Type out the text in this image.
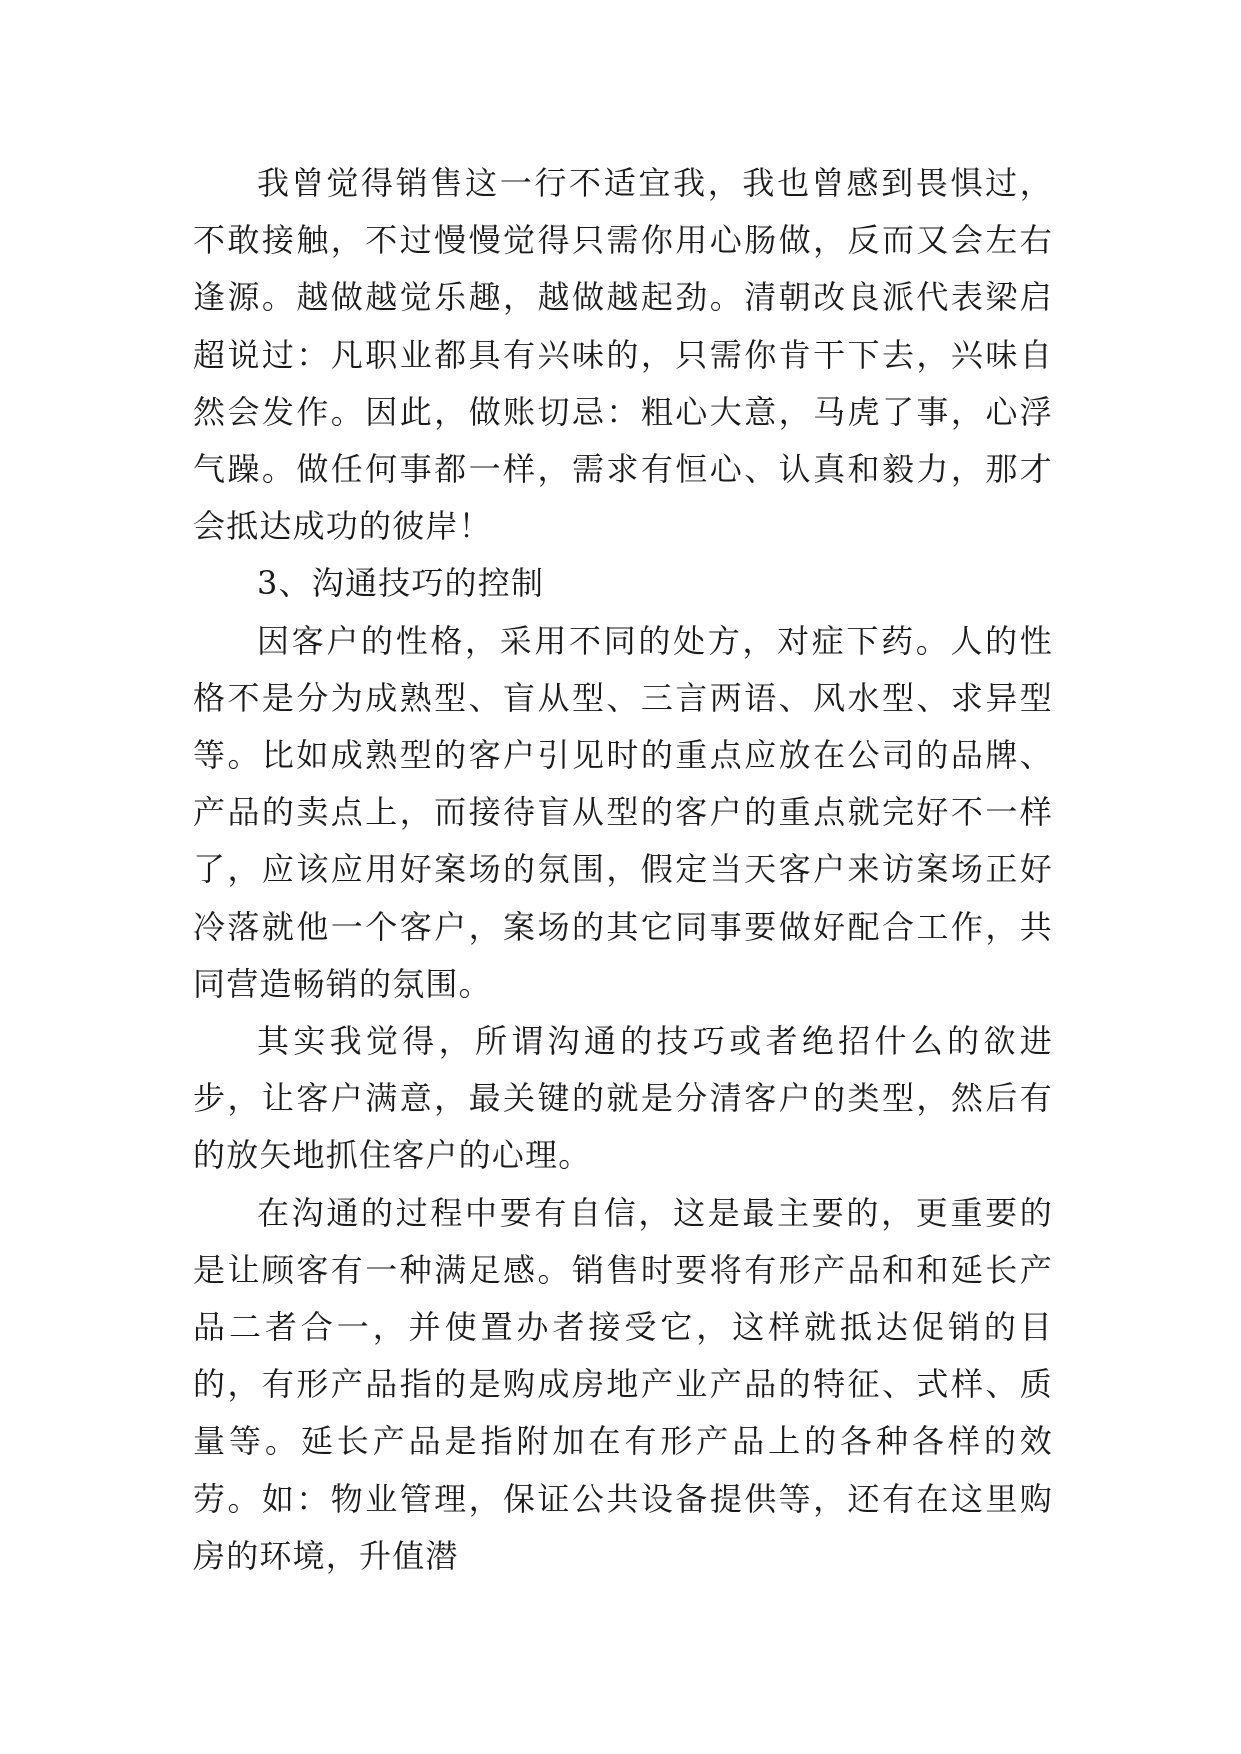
我曾觉得销售这一行不适宜我，我也曾感到畏惧过，不敢接触，不过慢慢觉得只需你用心肠做，反而又会左右逢源。越做越觉乐趣，越做越起劲。清朝改良派代表梁启超说过：凡职业都具有兴味的，只需你肯干下去，兴味自然会发作。因此，做账切忌：粗心大意，马虎了事，心浮气躁。做任何事都一样，需求有恒心、认真和毅力，那才会抵达成功的彼岸！

3、沟通技巧的控制

因客户的性格，采用不同的处方，对症下药。人的性格不是分为成熟型、盲从型、三言两语、风水型、求异型等。比如成熟型的客户引见时的重点应放在公司的品牌、产品的卖点上，而接待盲从型的客户的重点就完好不一样了，应该应用好案场的氛围，假定当天客户来访案场正好冷落就他一个客户，案场的其它同事要做好配合工作，共同营造畅销的氛围。

其实我觉得，所谓沟通的技巧或者绝招什么的欲进步，让客户满意，最关键的就是分清客户的类型，然后有的放矢地抓住客户的心理。

在沟通的过程中要有自信，这是最主要的，更重要的是让顾客有一种满足感。销售时要将有形产品和和延长产品二者合一，并使置办者接受它，这样就抵达促销的目的，有形产品指的是购成房地产业产品的特征、式样、质量等。延长产品是指附加在有形产品上的各种各样的效劳。如：物业管理，保证公共设备提供等，还有在这里购房的环境，升值潜
